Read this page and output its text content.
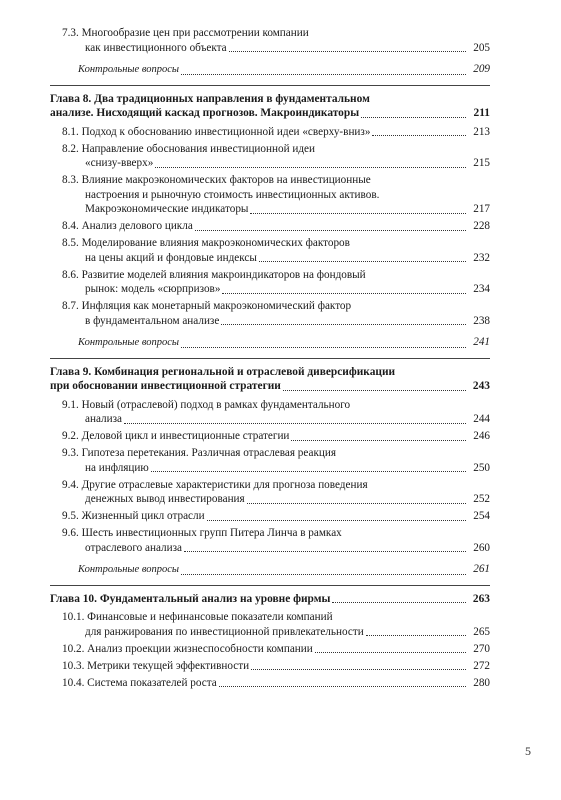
7.3. Многообразие цен при рассмотрении компании
как инвестиционного объекта	205
Контрольные вопросы	209
Глава 8. Два традиционных направления в фундаментальном
анализе. Нисходящий каскад прогнозов. Макроиндикаторы	211
8.1. Подход к обоснованию инвестиционной идеи «сверху-вниз»	213
8.2. Направление обоснования инвестиционной идеи
«снизу-вверх»	215
8.3. Влияние макроэкономических факторов на инвестиционные
настроения и рыночную стоимость инвестиционных активов.
Макроэкономические индикаторы	217
8.4. Анализ делового цикла	228
8.5. Моделирование влияния макроэкономических факторов
на цены акций и фондовые индексы	232
8.6. Развитие моделей влияния макроиндикаторов на фондовый
рынок: модель «сюрпризов»	234
8.7. Инфляция как монетарный макроэкономический фактор
в фундаментальном анализе	238
Контрольные вопросы	241
Глава 9. Комбинация региональной и отраслевой диверсификации
при обосновании инвестиционной стратегии	243
9.1. Новый (отраслевой) подход в рамках фундаментального
анализа	244
9.2. Деловой цикл и инвестиционные стратегии	246
9.3. Гипотеза перетекания. Различная отраслевая реакция
на инфляцию	250
9.4. Другие отраслевые характеристики для прогноза поведения
денежных вывод инвестирования	252
9.5. Жизненный цикл отрасли	254
9.6. Шесть инвестиционных групп Питера Линча в рамках
отраслевого анализа	260
Контрольные вопросы	261
Глава 10. Фундаментальный анализ на уровне фирмы	263
10.1. Финансовые и нефинансовые показатели компаний
для ранжирования по инвестиционной привлекательности	265
10.2. Анализ проекции жизнеспособности компании	270
10.3. Метрики текущей эффективности	272
10.4. Система показателей роста	280
5
